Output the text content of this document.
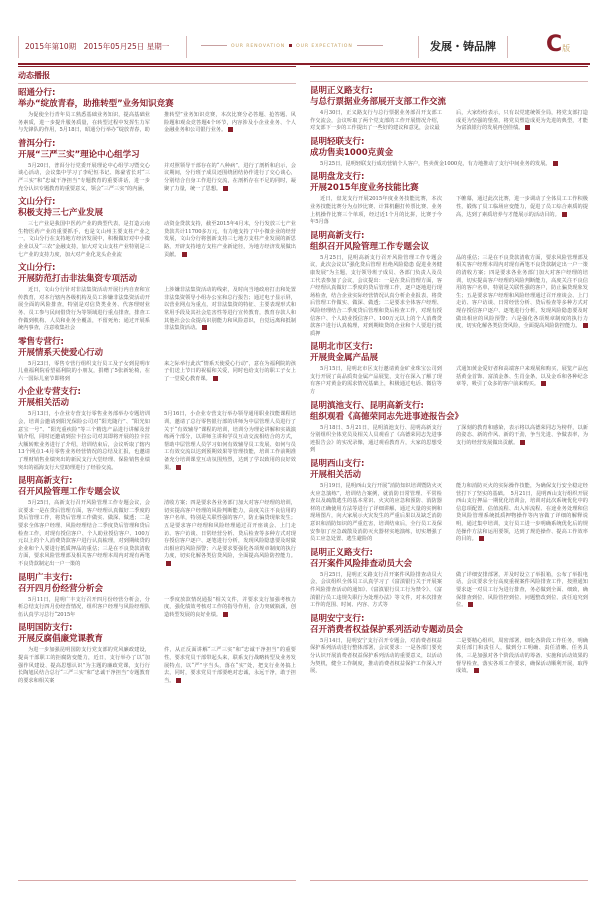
2015年第10期　2015年05月25日 星期一	OUR RENOVATION OUR EXPECTATION	发展・铸品牌	C版
动态播报
昭通分行:
举办“绽放青春，助推转型”业务知识竞赛
为促使全行青年员工熟悉基础业务知识，提高基础业务素质，进一步提升服务质量，在转型过程中发挥生力军与先锋队的作用，5月18日，昭通分行举办“绽放青春，助
推转型”业务知识竞赛，本次比赛分必答题、抢答题、风险题和观众竞答题4个环节，内容涉及小企业业务、个人金融业务和公司银行业务。
普洱分行:
开展“三严三实”理论中心组学习
5月20日，普洱分行党委开展理论中心组学习暨交心谈心活动，会议集中学习了李纪恒书记、陈豪省长对“三严三实”和“忠诚干净担当”专题教育的重要讲话，进一步充分认识专题教育的重要意义，领会“三严三实”的内涵，
并对照领导干部存在的“八种病”，进行了剖析和启示，会议期间，分行班子成员还围绕团结协作进行了交心谈心，分别结合自身工作进行交流，在剖析存在不足的同时，凝聚了力量，统一了思想。
文山分行:
积极支持三七产业发展
三七产业是我国中医药产业的典型代表，是打造云南生物医药产业的重要抓手，也是文山州主要支柱产业之一，文山分行在支持地方经济发展中，积极做好对中小微企业以及“三农”金融支持，加大对文山支柱产业特别是三七产业的支持力度，加大对产业化龙头企业流
动资金贷款支持，截至2015年4月末，分行发放三七产业贷款共计11700多万元，有力地支持了中小微企业的经营发展，文山分行将创新支持三七地方支柱产业发展的新思路，开辟支持地方支柱产业新途径，为地方经济发展做出贡献。
文山分行:
开展防范打击非法集资专项活动
近日，文山分行针对非法集资活动开展行内自查和宣传教育，对本行辖内各级机构及员工涉嫌非法集资活动开展全面的风险排查，特别是对信贷类业务、代客理财业务、员工参与民间借贷行为等领域进行重点排查，排查工作做到机构、人员和业务全覆盖，不留死角；通过开展系统内事查，注意收集社会
上涉嫌非法集资活动的线索，及时向当地政府打击和处置非法集资领导小组办公室和总行报告；通过电子显示屏，以营业网点为重点，对非法集资的特征、主要表现形式和常用手段及其社会危害性等进行宣传教育，教育存款人和其他社会公众提高识别能力和风险意识，自觉远离和抵制非法集资活动。
零售专营行:
开展情系天使爱心行动
5月23日，零售专营行组织支行员工及子女到昆明市儿童福利院看望福利院的小朋友，捐赠了5张新轮椅，在六一国际儿童节即将到
来之际举行此次“情系天使爱心行动”，意在为福利院的孩子们送上节日的祝福和关爱，同时也给支行的职工子女上了一堂爱心教育课。
小企业专营支行:
开展相关活动
5月13日，小企业专营支行零售业务部举办专题培训会，培训会邀请到阳光保险公司对“阳光随行”、“阳光如意宝一号”、“阳光重疾险”等三个精选产品进行讲解及营销介绍，同时还邀请到拉卡拉公司对其即将开展的拉卡拉大额转账业务进行了介绍，培训结束后，会议听取了辖内13个网点1-4月零售业务经营情况的总结及汇报，也邀请了理财销售业绩突出的新民支行大堂经理、保险销售业绩突出的福海支行大堂助理进行了经验交流。
5月16日，小企业专营支行举办领导通用职业技能课程培训，邀请了总行零售银行部的讲师为中层管理人员进行了关于“有效辅导”课程的培训，培训分为理论讲解和实战演练两个部分，以讲师主讲和学员互动交流相结合的方式，帮助中层管理人员学习如何有效辅导员工发展、如何与员工有效交流以达到预期效果等管理技能，培训工作前期准备充分培训课堂互动氛围热烈，达到了学以致用的良好效果。
昆明高新支行:
召开风险管理工作专题会议
5月25日，高新支行召开风险管理工作专题会议，会议要求一是在贷后管理方面，客户经理认真做好二季度的贷后管理工作，将贷后管理工作做实、做深、做透；二是要求全体客户经理、风险经理结合二季度贷后管理和贷后检查工作，对现有授信客户、个人助业授信客户、100万元以上的个人消费贷款客户进行认真梳理，对到期续贷的企业和个人要进行抵质押品的重估；三是在不良贷款清收方面，要求风险管理部及相关客户经理本周内对现有两笔不良贷款制定出一户一策的
清收方案；四是要求各业务部门加大对客户经理的培训，切实提高客户经理的风险判断能力，高度关注不良信用的客户名单，特别是关联性强的客户，防止骗贷现象发生；五是要求客户经理和风险经理通过召开座谈会、上门走访、客户访谈、日常经营分析、贷后检查等多种方式对现存授信客户逐户、逐笔进行分析，发现风险隐患要及时做出相应的风险预警；六是要求要强化各项规章制度的执行力度，切实化解各类信贷风险，全面提高风险防控能力。
昆明广丰支行:
召开四月份经营分析会
5月11日，昆明广丰支行召开四月份经营分析会，分析总结支行四月份经营情况，组织客户经理与风险经理队伍认真学习总行“2015年
一季度放款情况通报”相关文件，并要求支行加强考核力度，强化绩效考核对工作的指导作用，合力突破瓶颈，创造转型发展的良好业绩。
昆明国防支行:
开展反腐倡廉党课教育
为进一步加强昆明国防支行党支部的党风廉政建设，提高干部职工的拒腐防变能力，近日，支行举办了以“加强作风建设、提高思想认识”为主题的廉政党课，支行行长陶旭民结合总行“三严三实”和“忠诚干净担当”专题教育的要求和相关案
件，从正反面讲解“三严三实”和“忠诚干净担当”的重要性，要求党员干部带起头来，联系支行战略转型及业务发展特点，以“严”字当头，落在“实”处，把支行业务搞上去，同时，要求党员干部要绝对忠诚，永远干净，敢于担当。
昆明正义路支行:
与总行票据业务部展开支部工作交流
4月30日，正义路支行与总行票据业务部召开支部工作交流会，会议听取了两个党支部的工作开展情况介绍，对支部下一步的工作提出了一些好的建议和意见，会议最
后，大家纷纷表示，只有以党建统领全局，将党支部打造成更为坚强的堡垒，将党员塑造成更为先进的典型，才能为富滇银行的发展再创佳绩。
昆明轻联支行:
成功售卖1000克黄金
5月25日，昆明轻联支行成功营销个人客户，售卖黄金1000克，有力地推动了支行中间业务的发展。
昆明盘龙支行:
开展2015年度业务技能比赛
近日，盘龙支行开展2015年度业务技能比赛，本次业务技能比赛分为点钞比赛、计算机翻打传票比赛、业务上机操作比赛三个单项，经过近1个月的比拼，比赛于今年5月落
下帷幕，通过此次比赛，进一步调动了全体员工工作积极性，锻炼了员工临场应变能力，促进了员工综合素质的提高，达到了素质培养与才能展示的活动目的。
昆明高新支行:
组织召开风险管理工作专题会议
5月25日，昆明高新支行召开风险管理工作专题会议，此次会议以“强化贷后管理 杜绝风险隐患 促进业务健康发展”为主题，支行领导班子成员、各部门负责人及员工代表参加了会议，会议提出：一是在贷后管理方面，客户经理认真做好二季度的贷后管理工作，逐户逐地进行现场检查，结合企业实际经营情况认真分析企业报表，将贷后管理工作做实、做深、做透；二是要求全体客户经理、风险经理结合二季度贷后管理和贷后检查工作，对现有授信客户、个人助业授信客户、100万元以上的个人消费贷款客户进行认真梳理，对到期续贷的企业和个人要进行抵质押
品的重估；三是在不良贷款清收方面，要求风险管理部及相关客户经理本周内对现有两笔不良贷款制定出一户一策的清收方案；四是要求各业务部门加大对客户经理的培训，切实提高客户经理的风险判断能力，高度关注不良信用的客户名单，特别是关联性强的客户，防止骗贷现象发生；五是要求客户经理和风险经理通过召开座谈会、上门走访、客户访谈、日常经营分析、贷后检查等多种方式对现存授信客户逐户、逐笔进行分析，发现风险隐患要及时做出相应的风险预警；六是强化各项规章制度的执行力度，切实化解各类信贷风险，全面提高风险防控能力。
昆明北市区支行:
开展贵金属产品展
5月15日，昆明北市区支行邀请黄金矿业珠宝公司到支行开展了高品质贵金属产品展览，支行在深入了解了现有客户对黄金的需求情况基础上，积极通过电话、微信等方
式通知黄金爱好者和高端客户来观展和购买，展览产品包括黄金首饰、富滇金条、生肖金条，以及金币和各种纪念章等，吸引了众多的客户前来购买。
昆明滇池支行、昆明高新支行:
组织观看《高德荣同志先进事迹报告会》
5月18日、5月21日，昆明滇池支行、昆明高新支行分别组织全体党员及相关人员观看了《高德荣同志先进事迹报告会》的实况录像，通过观看教育片，大家的思想受到
了深刻的教育和感染，表示将以高德荣同志为榜样，以新的姿态、新的作风、新的干劲，争当先进、争做表率，为支行的经营发展做出贡献。
昆明西山支行:
开展相关活动
5月19日，昆明西山支行开展“消防知识培训暨防火灭火应急演练”，培训结合案例，就消防日常管理、平常检查以及疏散逃生的基本常识、火灾的应急和预防、消防器材的正确使用方法等进行了详细讲解，通过大量的实例和现场图片，向大家展示火灾发生的严重后果以及缺乏消防意识和消防知识的严重危害，培训结束后，全行员工及保安参加了应急疏散及消防灭火器材实地演练，切实增强了员工应急处置、逃生避险的
能力和消防灭火的实际操作技能，为确保支行安全稳定经营打下了坚实的基础。　5月21日，昆明西山支行组织开展西山支行押品一期优化培训会，培训对此次系统优化中的信息项配置、估值流程、出入库流程、在途业务处理和信贷风险管理系统抵质押物操作等内容做了详细的解释说明，通过集中培训，支行员工进一步明确系统优化后的规范操作方法和运用要领，达到了规范操作、提高工作效率的目的。
昆明正义路支行:
召开案件风险排查动员大会
5月25日，昆明正义路支行召开案件风险排查动员大会，会议组织全体员工认真学习了《富滇银行关于开展案件风险排查活动的通知》、《富滇银行员工行为禁令》、《富滇银行员工违规失职行为处理办法》等文件，对本次排查工作的范围、时间、内容、方式等
做了详细安排部署，并及时设立了举报箱，公布了举报电话，会议要求全行高度重视案件风险排查工作，按照通知要求逐一对员工行为进行排查，务必做到全面、细致，确保排查到位、风险管控到位、问题整改到位、责任追究到位。
昆明安宁支行:
召开消费者权益保护系列活动专题动员会
5月14日，昆明安宁支行召开专题会，对消费者权益保护系列活动进行整体部署，会议要求：一是各部门要充分认识开展消费者权益保护系列活动的重要意义，以活动为契机，健全工作制度，推动消费者权益保护工作深入开展，
二是要精心组织，周密部署，细化各阶段工作任务，明确责任部门和责任人，做到分工明确、责任清晰、任务具体，三是加强对各个阶段活动的筹备、实施和活动效果的督导检查，落实各项工作要求，确保活动顺利开展，取得成效。
